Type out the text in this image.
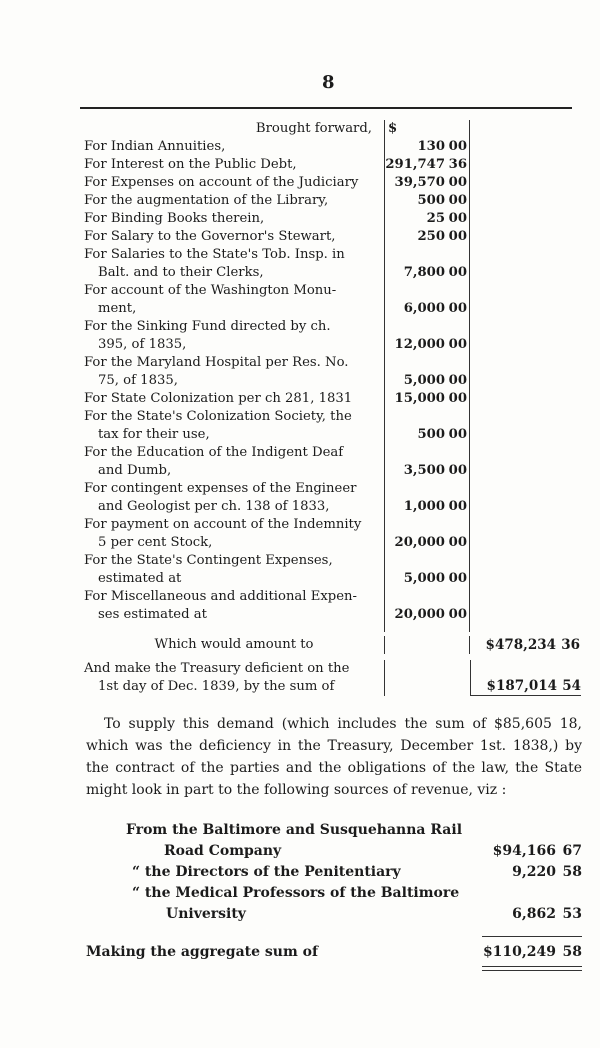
8
Brought forward,	$
For Indian Annuities,	130 00
For Interest on the Public Debt,	291,747 36
For Expenses on account of the Judiciary	39,570 00
For the augmentation of the Library,	500 00
For Binding Books therein,	25 00
For Salary to the Governor's Stewart,	250 00
For Salaries to the State's Tob. Insp. in
Balt. and to their Clerks,	7,800 00
For account of the Washington Monu-
ment,	6,000 00
For the Sinking Fund directed by ch.
395, of 1835,	12,000 00
For the Maryland Hospital per Res. No.
75, of 1835,	5,000 00
For State Colonization per ch 281, 1831	15,000 00
For the State's Colonization Society, the
tax for their use,	500 00
For the Education of the Indigent Deaf
and Dumb,	3,500 00
For contingent expenses of the Engineer
and Geologist per ch. 138 of 1833,	1,000 00
For payment on account of the Indemnity
5 per cent Stock,	20,000 00
For the State's Contingent Expenses,
estimated at	5,000 00
For Miscellaneous and additional Expen-
ses estimated at	20,000 00
Which would amount to	$478,234 36
And make the Treasury deficient on the
1st day of Dec. 1839, by the sum of	$187,014 54
To supply this demand (which includes the sum of $85,605 18, which was the deficiency in the Treasury, December 1st. 1838,) by the contract of the parties and the obligations of the law, the State might look in part to the following sources of revenue, viz :
From the Baltimore and Susquehanna Rail
Road Company	$94,166 67
“ the Directors of the Penitentiary	9,220 58
“ the Medical Professors of the Baltimore
University	6,862 53
Making the aggregate sum of	$110,249 58
